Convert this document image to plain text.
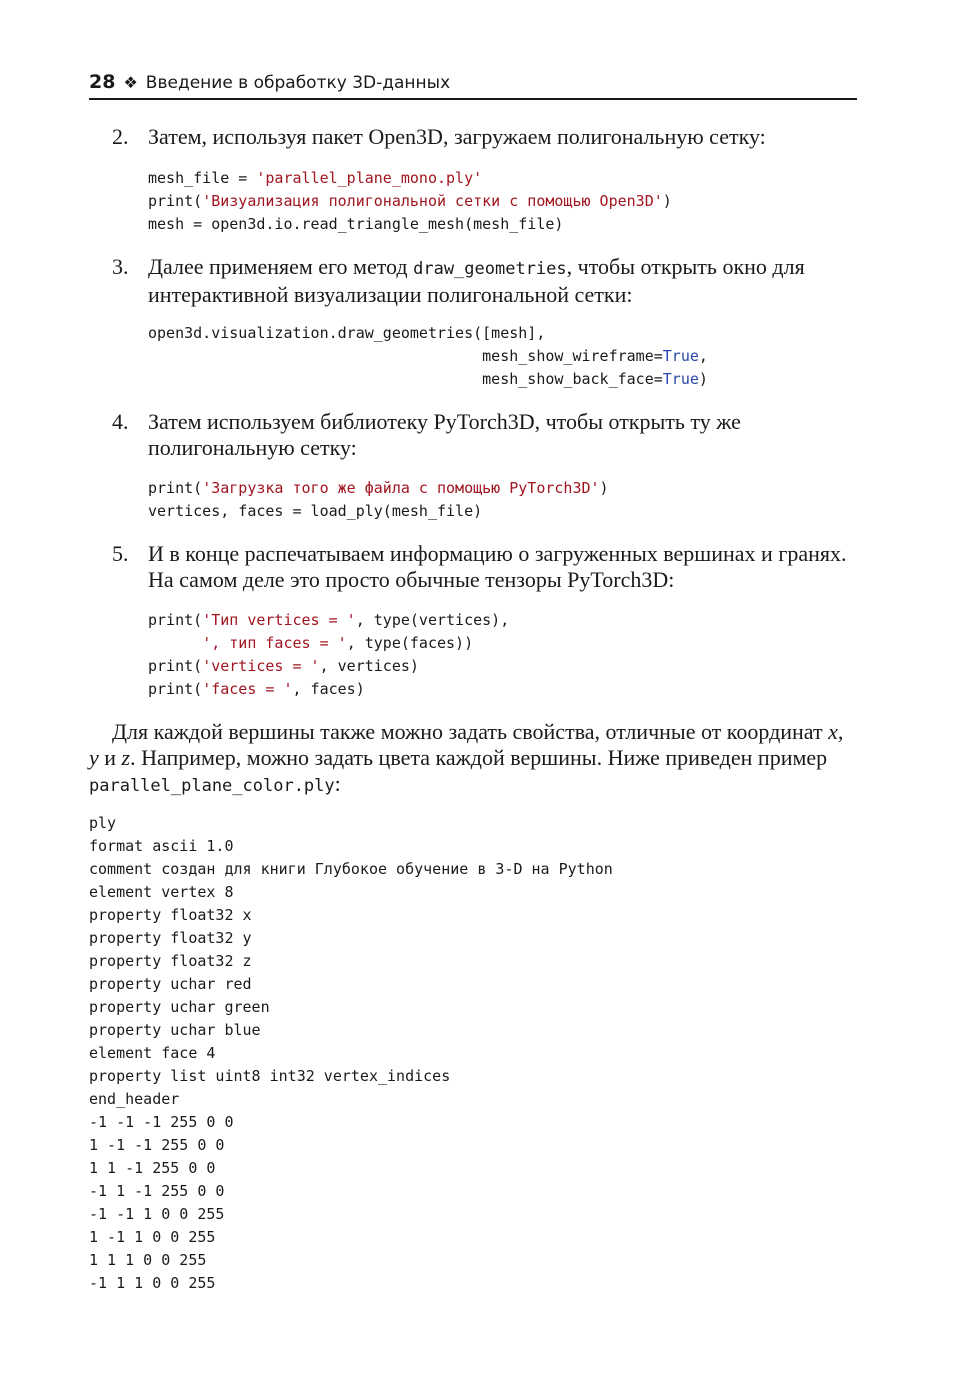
28 ❖ Введение в обработку 3D-данных
2. Затем, используя пакет Open3D, загружаем полигональную сетку:
mesh_file = 'parallel_plane_mono.ply'
print('Визуализация полигональной сетки с помощью Open3D')
mesh = open3d.io.read_triangle_mesh(mesh_file)
3. Далее применяем его метод draw_geometries, чтобы открыть окно для интерактивной визуализации полигональной сетки:
open3d.visualization.draw_geometries([mesh],
mesh_show_wireframe=True,
mesh_show_back_face=True)
4. Затем используем библиотеку PyTorch3D, чтобы открыть ту же полигональную сетку:
print('Загрузка того же файла с помощью PyTorch3D')
vertices, faces = load_ply(mesh_file)
5. И в конце распечатываем информацию о загруженных вершинах и гранях. На самом деле это просто обычные тензоры PyTorch3D:
print('Тип vertices = ', type(vertices),
', тип faces = ', type(faces))
print('vertices = ', vertices)
print('faces = ', faces)
Для каждой вершины также можно задать свойства, отличные от координат x, y и z. Например, можно задать цвета каждой вершины. Ниже приведен пример parallel_plane_color.ply:
ply
format ascii 1.0
comment создан для книги Глубокое обучение в 3-D на Python
element vertex 8
property float32 x
property float32 y
property float32 z
property uchar red
property uchar green
property uchar blue
element face 4
property list uint8 int32 vertex_indices
end_header
-1 -1 -1 255 0 0
1 -1 -1 255 0 0
1 1 -1 255 0 0
-1 1 -1 255 0 0
-1 -1 1 0 0 255
1 -1 1 0 0 255
1 1 1 0 0 255
-1 1 1 0 0 255
